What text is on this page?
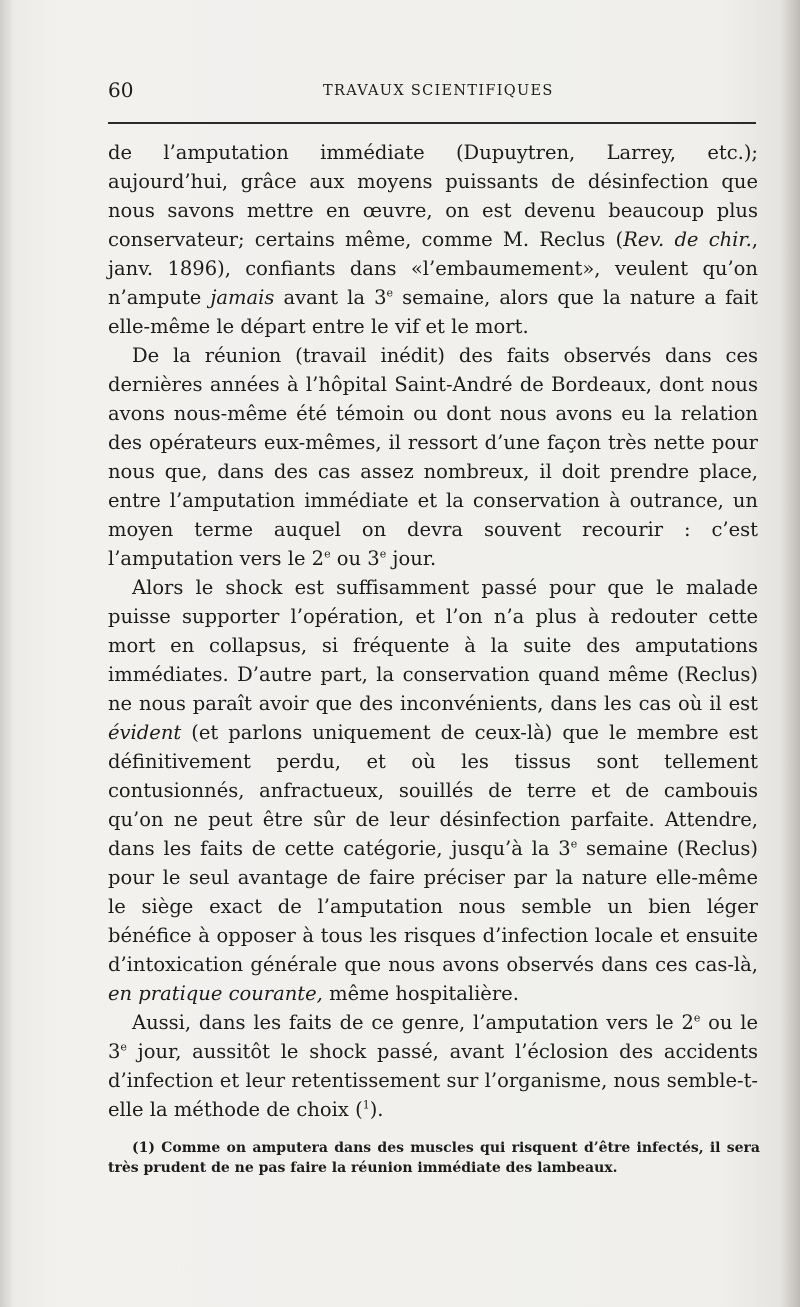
60	TRAVAUX SCIENTIFIQUES

de l’amputation immédiate (Dupuytren, Larrey, etc.); aujourd’hui, grâce aux moyens puissants de désinfection que nous savons mettre en œuvre, on est devenu beaucoup plus conservateur; certains même, comme M. Reclus (Rev. de chir., janv. 1896), confiants dans «l’embaumement», veulent qu’on n’ampute jamais avant la 3e semaine, alors que la nature a fait elle-même le départ entre le vif et le mort.

De la réunion (travail inédit) des faits observés dans ces dernières années à l’hôpital Saint-André de Bordeaux, dont nous avons nous-même été témoin ou dont nous avons eu la relation des opérateurs eux-mêmes, il ressort d’une façon très nette pour nous que, dans des cas assez nombreux, il doit prendre place, entre l’amputation immédiate et la conservation à outrance, un moyen terme auquel on devra souvent recourir : c’est l’amputation vers le 2e ou 3e jour.

Alors le shock est suffisamment passé pour que le malade puisse supporter l’opération, et l’on n’a plus à redouter cette mort en collapsus, si fréquente à la suite des amputations immédiates. D’autre part, la conservation quand même (Reclus) ne nous paraît avoir que des inconvénients, dans les cas où il est évident (et parlons uniquement de ceux-là) que le membre est définitivement perdu, et où les tissus sont tellement contusionnés, anfractueux, souillés de terre et de cambouis qu’on ne peut être sûr de leur désinfection parfaite. Attendre, dans les faits de cette catégorie, jusqu’à la 3e semaine (Reclus) pour le seul avantage de faire préciser par la nature elle-même le siège exact de l’amputation nous semble un bien léger bénéfice à opposer à tous les risques d’infection locale et ensuite d’intoxication générale que nous avons observés dans ces cas-là, en pratique courante, même hospitalière.

Aussi, dans les faits de ce genre, l’amputation vers le 2e ou le 3e jour, aussitôt le shock passé, avant l’éclosion des accidents d’infection et leur retentissement sur l’organisme, nous semble-t-elle la méthode de choix ($^1$).

(1) Comme on amputera dans des muscles qui risquent d’être infectés, il sera très prudent de ne pas faire la réunion immédiate des lambeaux.
